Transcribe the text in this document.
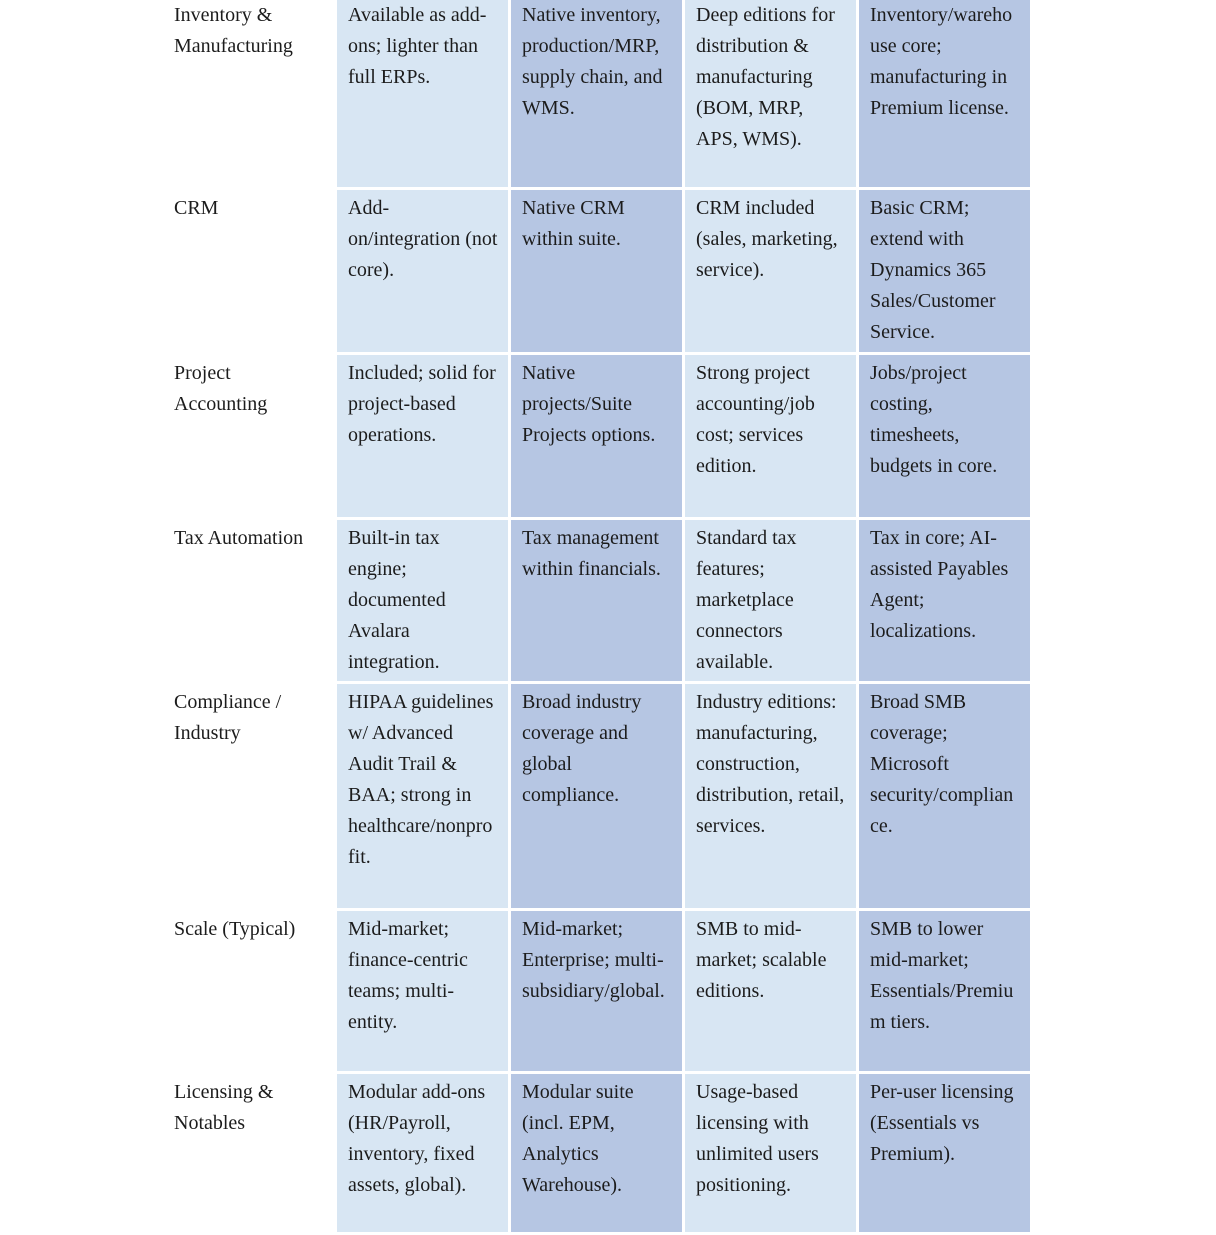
Inventory & Manufacturing	Available as add-ons; lighter than full ERPs.	Native inventory, production/MRP, supply chain, and WMS.	Deep editions for distribution & manufacturing (BOM, MRP, APS, WMS).	Inventory/warehouse core; manufacturing in Premium license.
CRM	Add-on/integration (not core).	Native CRM within suite.	CRM included (sales, marketing, service).	Basic CRM; extend with Dynamics 365 Sales/Customer Service.
Project Accounting	Included; solid for project-based operations.	Native projects/Suite Projects options.	Strong project accounting/job cost; services edition.	Jobs/project costing, timesheets, budgets in core.
Tax Automation	Built-in tax engine; documented Avalara integration.	Tax management within financials.	Standard tax features; marketplace connectors available.	Tax in core; AI-assisted Payables Agent; localizations.
Compliance / Industry	HIPAA guidelines w/ Advanced Audit Trail & BAA; strong in healthcare/nonprofit.	Broad industry coverage and global compliance.	Industry editions: manufacturing, construction, distribution, retail, services.	Broad SMB coverage; Microsoft security/compliance.
Scale (Typical)	Mid-market; finance-centric teams; multi-entity.	Mid-market; Enterprise; multi-subsidiary/global.	SMB to mid-market; scalable editions.	SMB to lower mid-market; Essentials/Premium tiers.
Licensing & Notables	Modular add-ons (HR/Payroll, inventory, fixed assets, global).	Modular suite (incl. EPM, Analytics Warehouse).	Usage-based licensing with unlimited users positioning.	Per-user licensing (Essentials vs Premium).
